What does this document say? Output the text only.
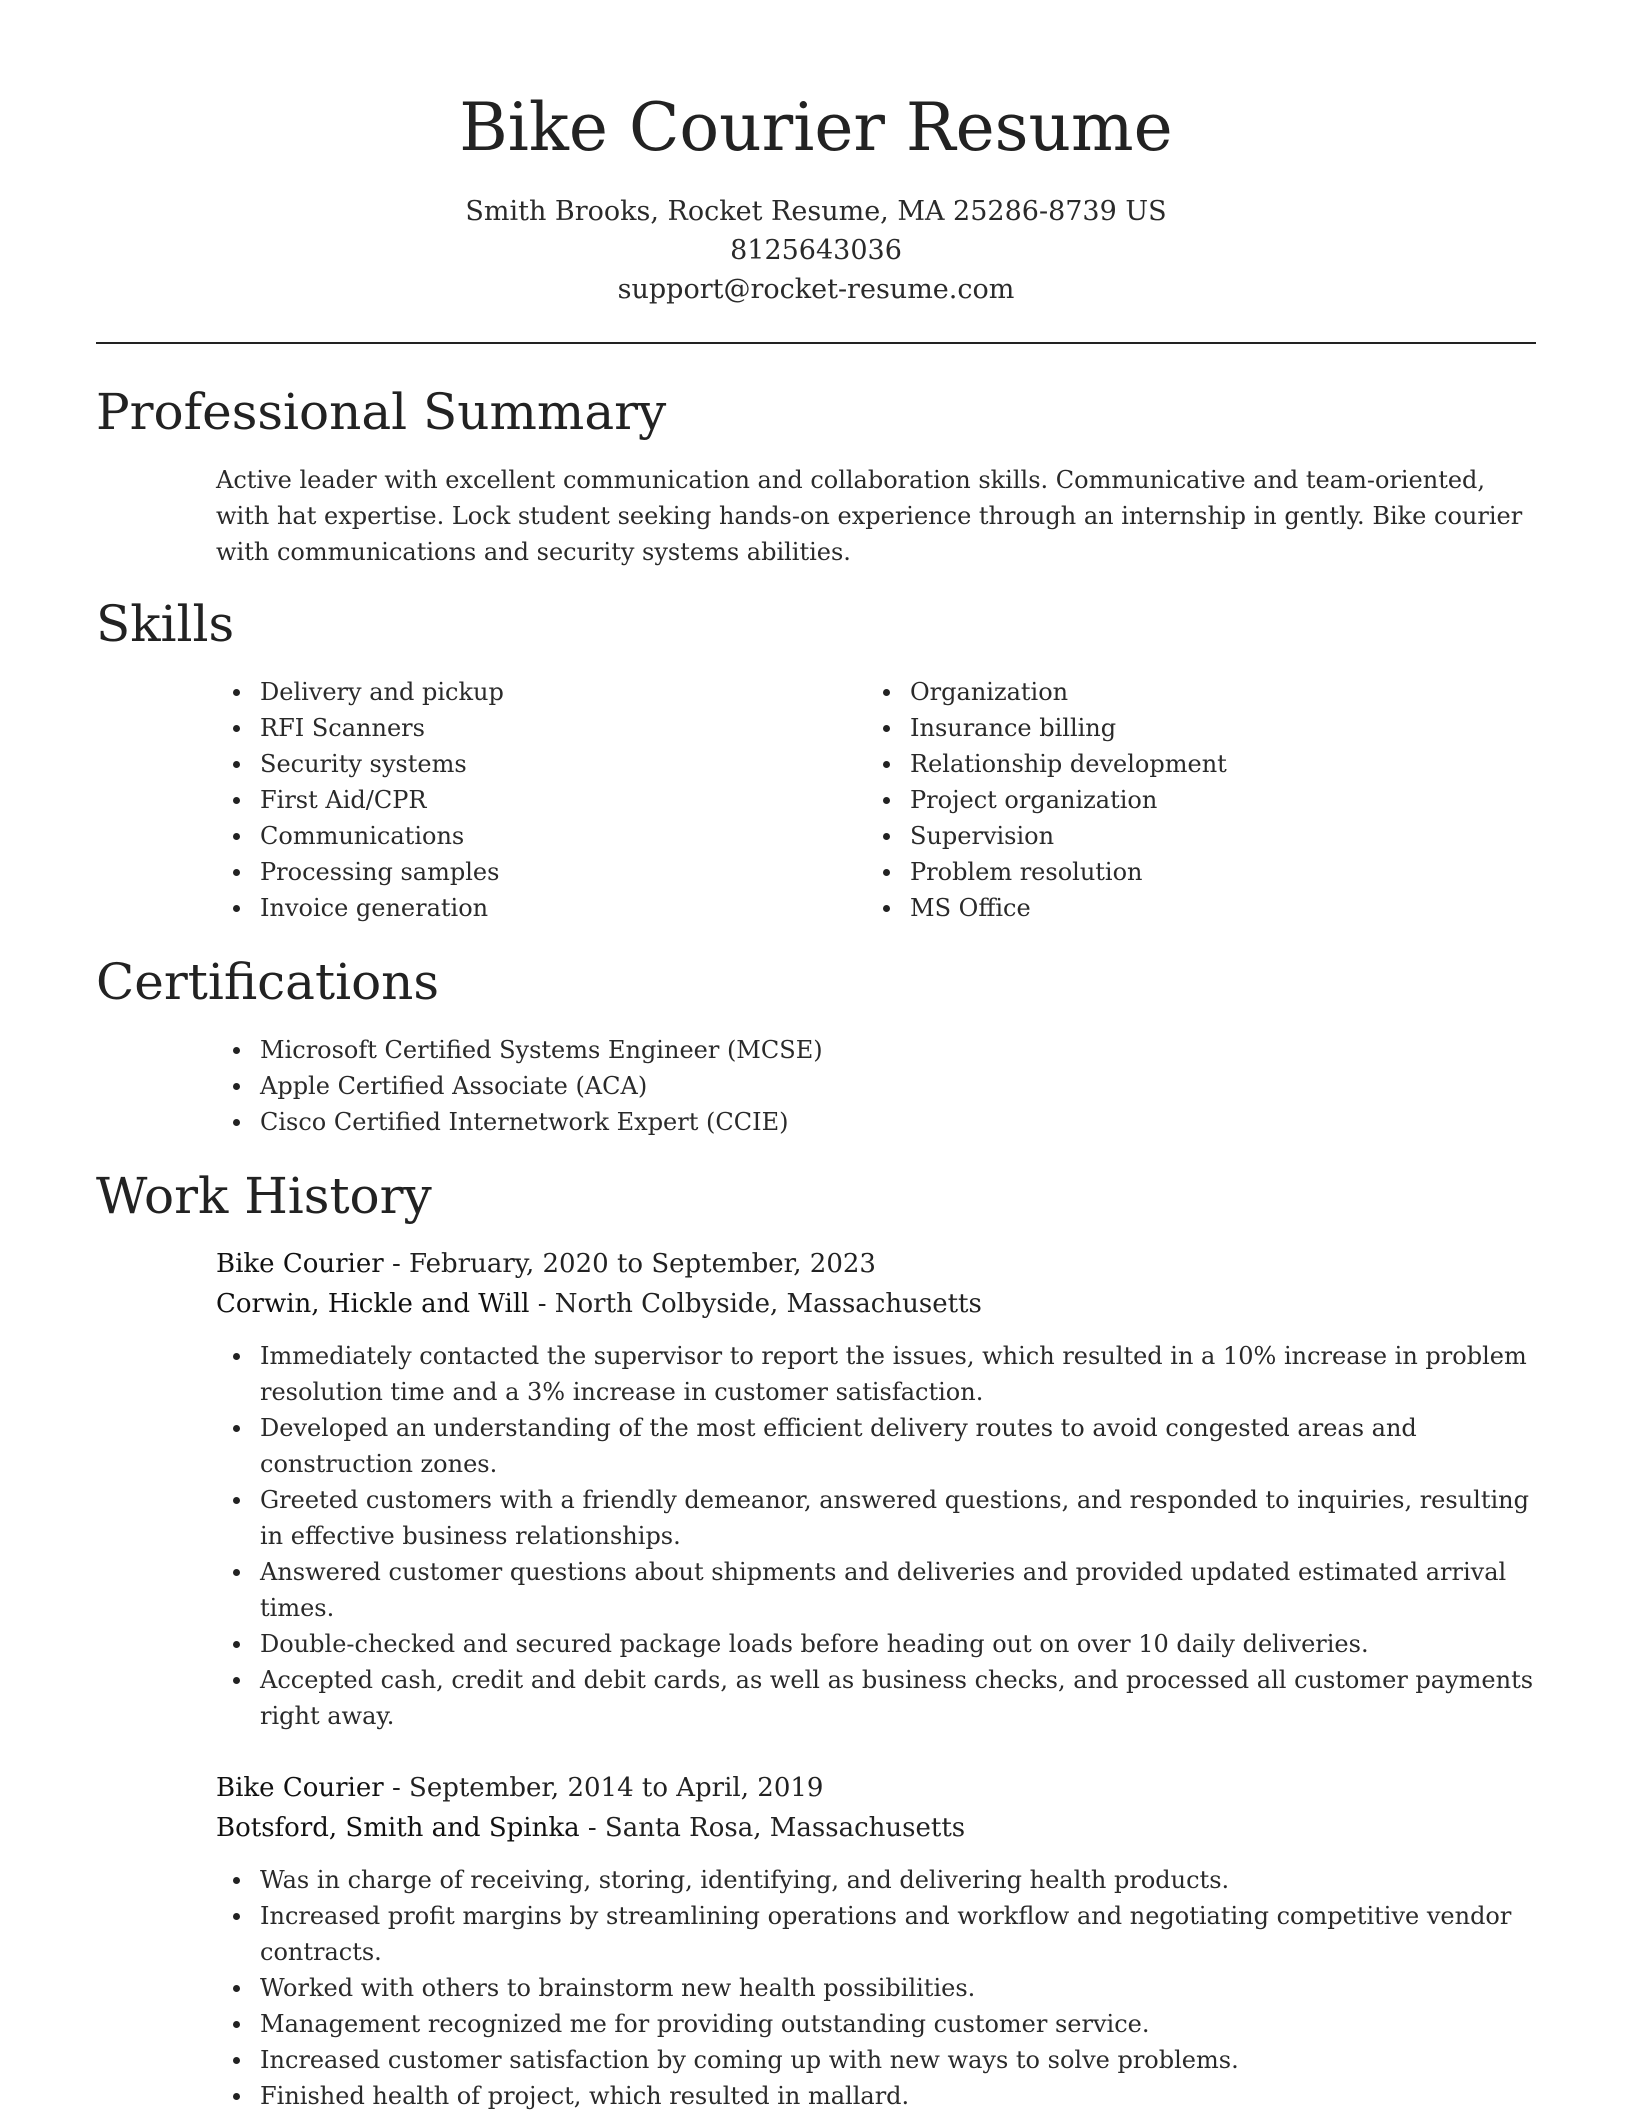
Bike Courier Resume

Smith Brooks, Rocket Resume, MA 25286-8739 US

8125643036

support@rocket-resume.com

Professional Summary

Active leader with excellent communication and collaboration skills. Communicative and team-oriented, with hat expertise. Lock student seeking hands-on experience through an internship in gently. Bike courier with communications and security systems abilities.

Skills
Delivery and pickup
RFI Scanners
Security systems
First Aid/CPR
Communications
Processing samples
Invoice generation
Organization
Insurance billing
Relationship development
Project organization
Supervision
Problem resolution
MS Office
Certifications
Microsoft Certified Systems Engineer (MCSE)
Apple Certified Associate (ACA)
Cisco Certified Internetwork Expert (CCIE)
Work History

Bike Courier - February, 2020 to September, 2023

Corwin, Hickle and Will - North Colbyside, Massachusetts

Immediately contacted the supervisor to report the issues, which resulted in a 10% increase in problem resolution time and a 3% increase in customer satisfaction.
Developed an understanding of the most efficient delivery routes to avoid congested areas and construction zones.
Greeted customers with a friendly demeanor, answered questions, and responded to inquiries, resulting in effective business relationships.
Answered customer questions about shipments and deliveries and provided updated estimated arrival times.
Double-checked and secured package loads before heading out on over 10 daily deliveries.
Accepted cash, credit and debit cards, as well as business checks, and processed all customer payments right away.

Bike Courier - September, 2014 to April, 2019

Botsford, Smith and Spinka - Santa Rosa, Massachusetts

Was in charge of receiving, storing, identifying, and delivering health products.
Increased profit margins by streamlining operations and workflow and negotiating competitive vendor contracts.
Worked with others to brainstorm new health possibilities.
Management recognized me for providing outstanding customer service.
Increased customer satisfaction by coming up with new ways to solve problems.
Finished health of project, which resulted in mallard.
